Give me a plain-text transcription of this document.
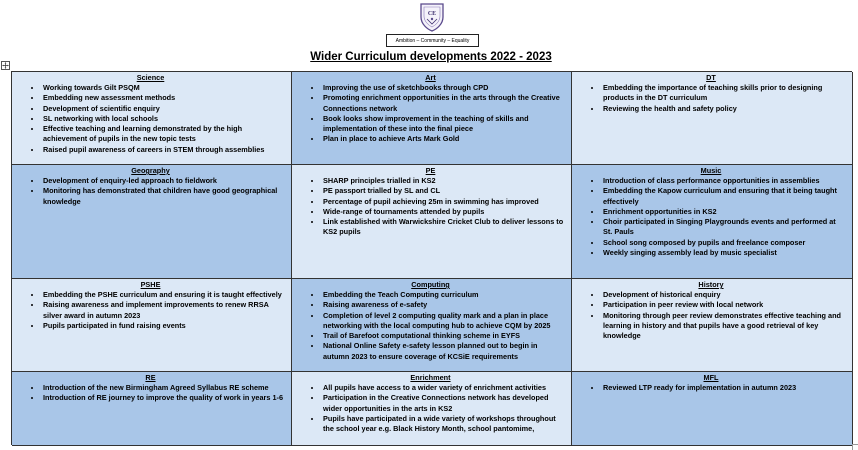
CE
Ambition – Community – Equality
Wider Curriculum developments 2022 - 2023
Science
• Working towards Gilt PSQM
• Embedding new assessment methods
• Development of scientific enquiry
• SL networking with local schools
• Effective teaching and learning demonstrated by the high achievement of pupils in the new topic tests
• Raised pupil awareness of careers in STEM through assemblies
Art
• Improving the use of sketchbooks through CPD
• Promoting enrichment opportunities in the arts through the Creative Connections network
• Book looks show improvement in the teaching of skills and implementation of these into the final piece
• Plan in place to achieve Arts Mark Gold
DT
• Embedding the importance of teaching skills prior to designing products in the DT curriculum
• Reviewing the health and safety policy
Geography
• Development of enquiry-led approach to fieldwork
• Monitoring has demonstrated that children have good geographical knowledge
PE
• SHARP principles trialled in KS2
• PE passport trialled by SL and CL
• Percentage of pupil achieving 25m in swimming has improved
• Wide-range of tournaments attended by pupils
• Link established with Warwickshire Cricket Club to deliver lessons to KS2 pupils
Music
• Introduction of class performance opportunities in assemblies
• Embedding the Kapow curriculum and ensuring that it being taught effectively
• Enrichment opportunities in KS2
• Choir participated in Singing Playgrounds events and performed at St. Pauls
• School song composed by pupils and freelance composer
• Weekly singing assembly lead by music specialist
PSHE
• Embedding the PSHE curriculum and ensuring it is taught effectively
• Raising awareness and implement improvements to renew RRSA silver award in autumn 2023
• Pupils participated in fund raising events
Computing
• Embedding the Teach Computing curriculum
• Raising awareness of e-safety
• Completion of level 2 computing quality mark and a plan in place networking with the local computing hub to achieve CQM by 2025
• Trail of Barefoot computational thinking scheme in EYFS
• National Online Safety e-safety lesson planned out to begin in autumn 2023 to ensure coverage of KCSiE requirements
History
• Development of historical enquiry
• Participation in peer review with local network
• Monitoring through peer review demonstrates effective teaching and learning in history and that pupils have a good retrieval of key knowledge
RE
• Introduction of the new Birmingham Agreed Syllabus RE scheme
• Introduction of RE journey to improve the quality of work in years 1-6
Enrichment
• All pupils have access to a wider variety of enrichment activities
• Participation in the Creative Connections network has developed wider opportunities in the arts in KS2
• Pupils have participated in a wide variety of workshops throughout the school year e.g. Black History Month, school pantomime,
MFL
• Reviewed LTP ready for implementation in autumn 2023
